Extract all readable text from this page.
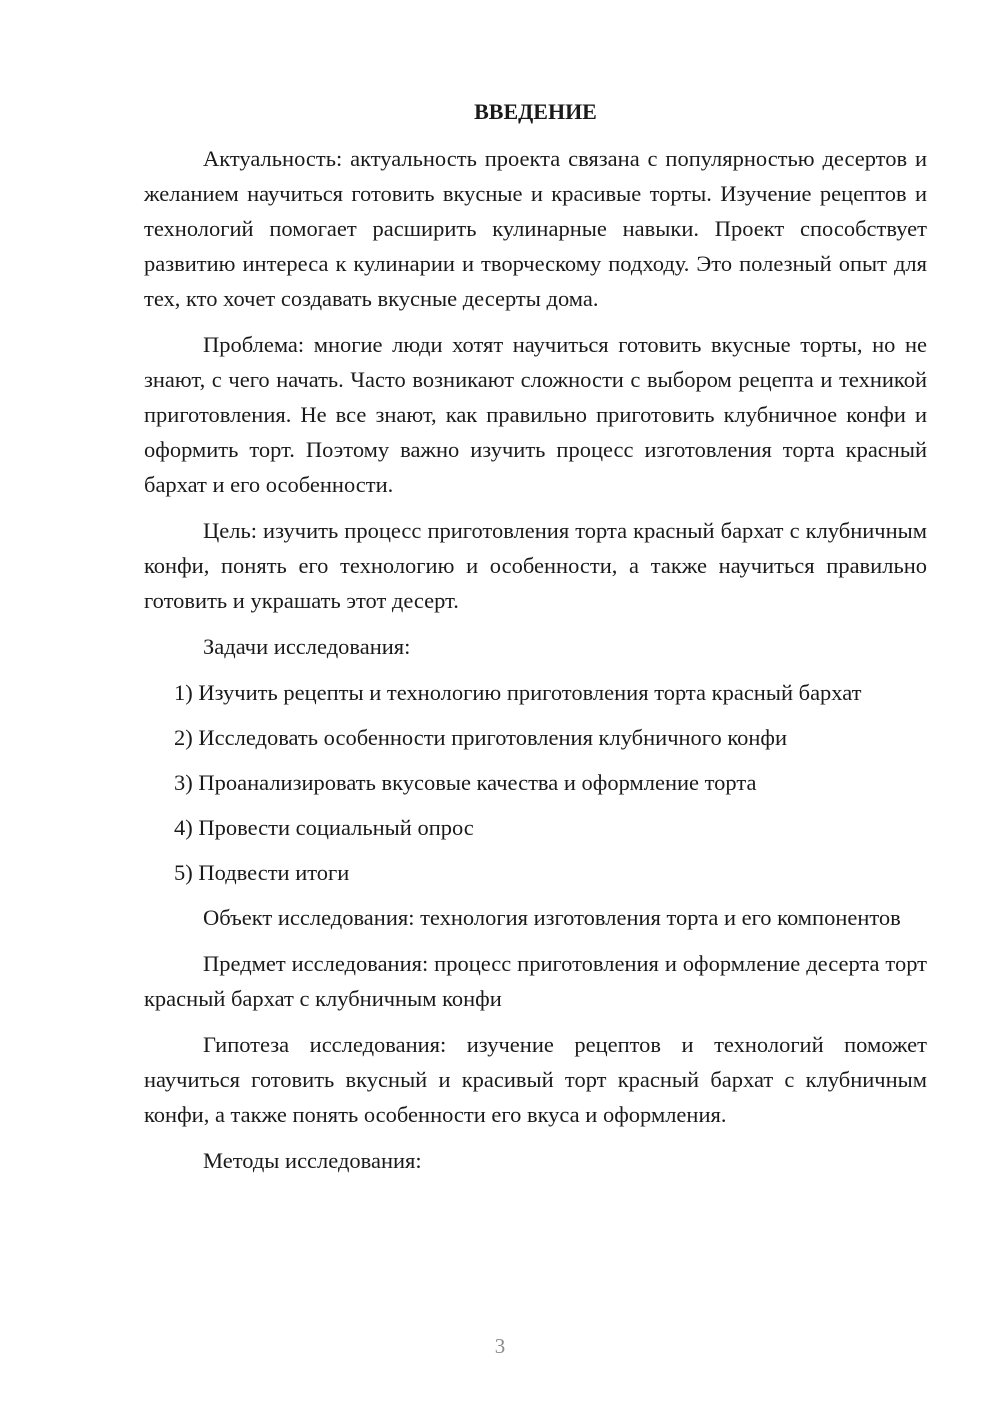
ВВЕДЕНИЕ

Актуальность: актуальность проекта связана с популярностью десертов и желанием научиться готовить вкусные и красивые торты. Изучение рецептов и технологий помогает расширить кулинарные навыки. Проект способствует развитию интереса к кулинарии и творческому подходу. Это полезный опыт для тех, кто хочет создавать вкусные десерты дома.

Проблема: многие люди хотят научиться готовить вкусные торты, но не знают, с чего начать. Часто возникают сложности с выбором рецепта и техникой приготовления. Не все знают, как правильно приготовить клубничное конфи и оформить торт. Поэтому важно изучить процесс изготовления торта красный бархат и его особенности.

Цель: изучить процесс приготовления торта красный бархат с клубничным конфи, понять его технологию и особенности, а также научиться правильно готовить и украшать этот десерт.

Задачи исследования:

1) Изучить рецепты и технологию приготовления торта красный бархат

2) Исследовать особенности приготовления клубничного конфи

3) Проанализировать вкусовые качества и оформление торта

4) Провести социальный опрос

5) Подвести итоги

Объект исследования: технология изготовления торта и его компонентов

Предмет исследования: процесс приготовления и оформление десерта торт красный бархат с клубничным конфи

Гипотеза исследования: изучение рецептов и технологий поможет научиться готовить вкусный и красивый торт красный бархат с клубничным конфи, а также понять особенности его вкуса и оформления.

Методы исследования:

3
